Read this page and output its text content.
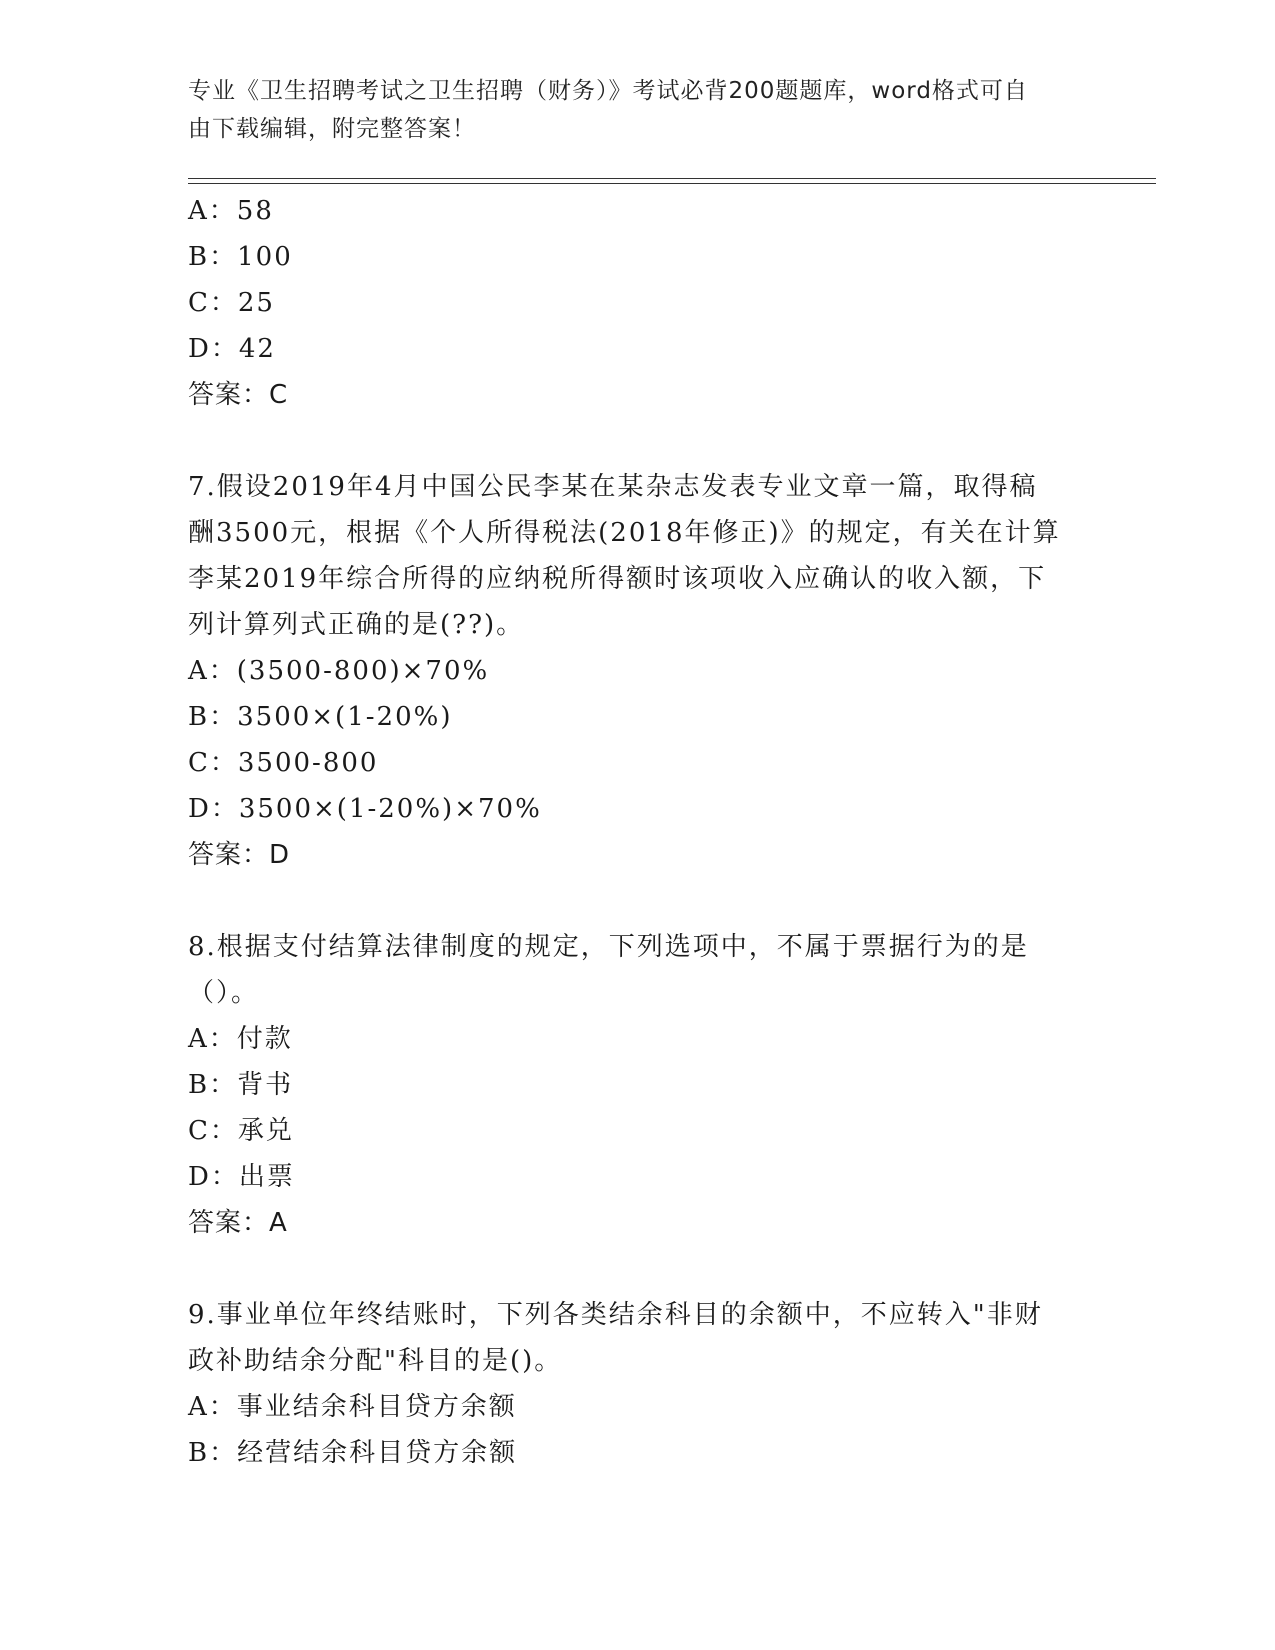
专业《卫生招聘考试之卫生招聘（财务）》考试必背200题题库，word格式可自
由下载编辑，附完整答案！
A：58
B：100
C：25
D：42
答案：C
7.假设2019年4月中国公民李某在某杂志发表专业文章一篇，取得稿
酬3500元，根据《个人所得税法(2018年修正)》的规定，有关在计算
李某2019年综合所得的应纳税所得额时该项收入应确认的收入额，下
列计算列式正确的是(??)。
A：(3500-800)×70%
B：3500×(1-20%)
C：3500-800
D：3500×(1-20%)×70%
答案：D
8.根据支付结算法律制度的规定，下列选项中，不属于票据行为的是
（）。
A：付款
B：背书
C：承兑
D：出票
答案：A
9.事业单位年终结账时，下列各类结余科目的余额中，不应转入"非财
政补助结余分配"科目的是()。
A：事业结余科目贷方余额
B：经营结余科目贷方余额
